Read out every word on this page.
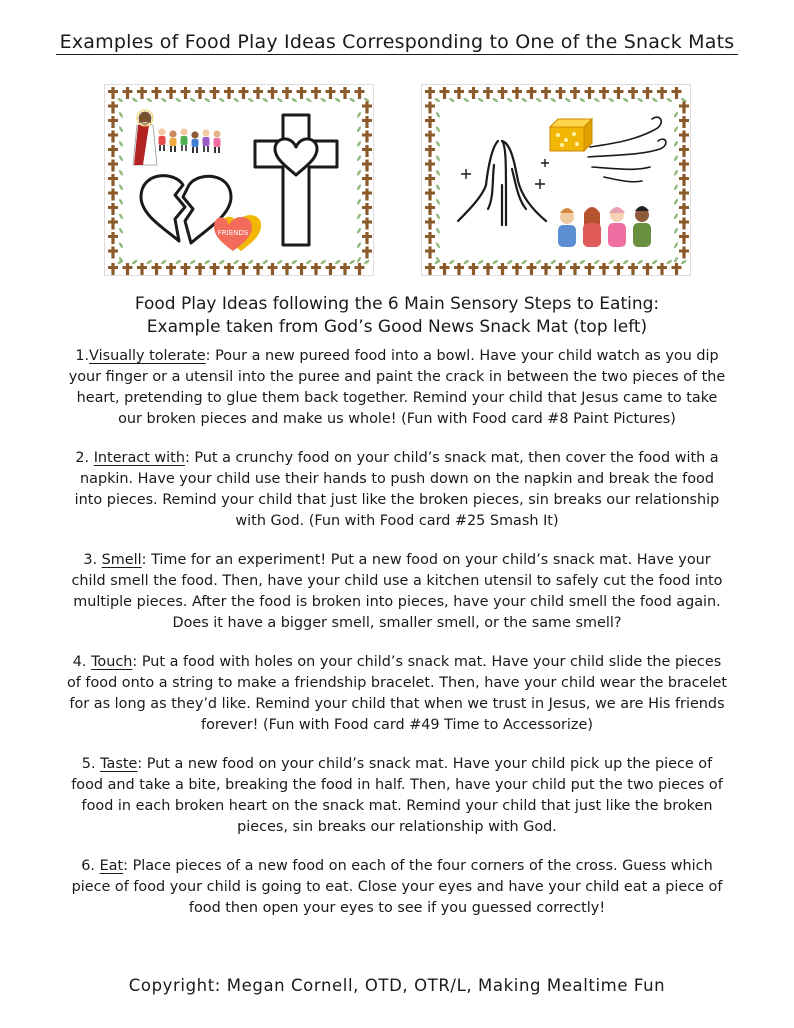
Examples of Food Play Ideas Corresponding to One of the Snack Mats
FRIENDS
Food Play Ideas following the 6 Main Sensory Steps to Eating:
Example taken from God’s Good News Snack Mat (top left)

1.Visually tolerate: Pour a new pureed food into a bowl. Have your child watch as you dip your finger or a utensil into the puree and paint the crack in between the two pieces of the heart, pretending to glue them back together. Remind your child that Jesus came to take our broken pieces and make us whole! (Fun with Food card #8 Paint Pictures)

2. Interact with: Put a crunchy food on your child’s snack mat, then cover the food with a napkin. Have your child use their hands to push down on the napkin and break the food into pieces. Remind your child that just like the broken pieces, sin breaks our relationship with God. (Fun with Food card #25 Smash It)

3. Smell: Time for an experiment! Put a new food on your child’s snack mat. Have your child smell the food. Then, have your child use a kitchen utensil to safely cut the food into multiple pieces. After the food is broken into pieces, have your child smell the food again. Does it have a bigger smell, smaller smell, or the same smell?

4. Touch: Put a food with holes on your child’s snack mat. Have your child slide the pieces of food onto a string to make a friendship bracelet. Then, have your child wear the bracelet for as long as they’d like. Remind your child that when we trust in Jesus, we are His friends forever! (Fun with Food card #49 Time to Accessorize)

5. Taste: Put a new food on your child’s snack mat. Have your child pick up the piece of food and take a bite, breaking the food in half. Then, have your child put the two pieces of food in each broken heart on the snack mat. Remind your child that just like the broken pieces, sin breaks our relationship with God.

6. Eat: Place pieces of a new food on each of the four corners of the cross. Guess which piece of food your child is going to eat. Close your eyes and have your child eat a piece of food then open your eyes to see if you guessed correctly!

Copyright: Megan Cornell, OTD, OTR/L, Making Mealtime Fun
